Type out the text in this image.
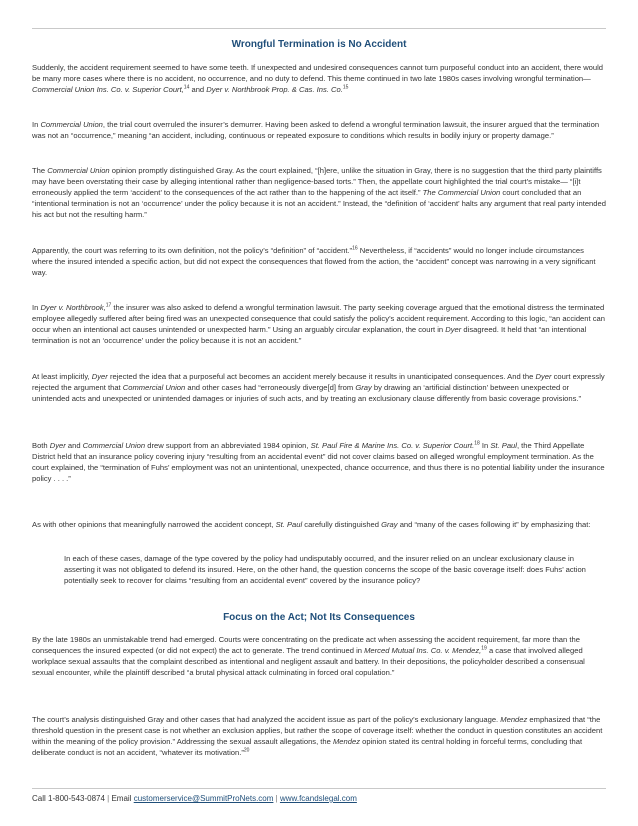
Wrongful Termination is No Accident

Suddenly, the accident requirement seemed to have some teeth. If unexpected and undesired consequences cannot turn purposeful conduct into an accident, there would be many more cases where there is no accident, no occurrence, and no duty to defend. This theme continued in two late 1980s cases involving wrongful termination—Commercial Union Ins. Co. v. Superior Court,$^{14}$ and Dyer v. Northbrook Prop. & Cas. Ins. Co.$^{15}$

In Commercial Union, the trial court overruled the insurer’s demurrer. Having been asked to defend a wrongful termination lawsuit, the insurer argued that the termination was not an “occurrence,” meaning “an accident, including, continuous or repeated exposure to conditions which results in bodily injury or property damage.”

The Commercial Union opinion promptly distinguished Gray. As the court explained, “[h]ere, unlike the situation in Gray, there is no suggestion that the third party plaintiffs may have been overstating their case by alleging intentional rather than negligence-based torts.” Then, the appellate court highlighted the trial court’s mistake— “[i]t erroneously applied the term ‘accident’ to the consequences of the act rather than to the happening of the act itself.” The Commercial Union court concluded that an “intentional termination is not an ‘occurrence’ under the policy because it is not an accident.” Instead, the “definition of ‘accident’ halts any argument that real party intended his act but not the resulting harm.”

Apparently, the court was referring to its own definition, not the policy’s “definition” of “accident.”$^{16}$ Nevertheless, if “accidents” would no longer include circumstances where the insured intended a specific action, but did not expect the consequences that flowed from the action, the “accident” concept was narrowing in a very significant way.

In Dyer v. Northbrook,$^{17}$ the insurer was also asked to defend a wrongful termination lawsuit. The party seeking coverage argued that the emotional distress the terminated employee allegedly suffered after being fired was an unexpected consequence that could satisfy the policy’s accident requirement. According to this logic, “an accident can occur when an intentional act causes unintended or unexpected harm.” Using an arguably circular explanation, the court in Dyer disagreed. It held that “an intentional termination is not an ‘occurrence’ under the policy because it is not an accident.”

At least implicitly, Dyer rejected the idea that a purposeful act becomes an accident merely because it results in unanticipated consequences. And the Dyer court expressly rejected the argument that Commercial Union and other cases had “erroneously diverge[d] from Gray by drawing an ‘artificial distinction’ between unexpected or unintended acts and unexpected or unintended damages or injuries of such acts, and by treating an exclusionary clause differently from basic coverage provisions.”

Both Dyer and Commercial Union drew support from an abbreviated 1984 opinion, St. Paul Fire & Marine Ins. Co. v. Superior Court.$^{18}$ In St. Paul, the Third Appellate District held that an insurance policy covering injury “resulting from an accidental event” did not cover claims based on alleged wrongful employment termination. As the court explained, the “termination of Fuhs’ employment was not an unintentional, unexpected, chance occurrence, and thus there is no potential liability under the insurance policy . . . .”

As with other opinions that meaningfully narrowed the accident concept, St. Paul carefully distinguished Gray and “many of the cases following it” by emphasizing that:

In each of these cases, damage of the type covered by the policy had undisputably occurred, and the insurer relied on an unclear exclusionary clause in asserting it was not obligated to defend its insured. Here, on the other hand, the question concerns the scope of the basic coverage itself: does Fuhs’ action potentially seek to recover for claims “resulting from an accidental event” covered by the insurance policy?

Focus on the Act; Not Its Consequences

By the late 1980s an unmistakable trend had emerged. Courts were concentrating on the predicate act when assessing the accident requirement, far more than the consequences the insured expected (or did not expect) the act to generate. The trend continued in Merced Mutual Ins. Co. v. Mendez,$^{19}$ a case that involved alleged workplace sexual assaults that the complaint described as intentional and negligent assault and battery. In their depositions, the policyholder described a consensual sexual encounter, while the plaintiff described “a brutal physical attack culminating in forced oral copulation.”

The court’s analysis distinguished Gray and other cases that had analyzed the accident issue as part of the policy’s exclusionary language. Mendez emphasized that “the threshold question in the present case is not whether an exclusion applies, but rather the scope of coverage itself: whether the conduct in question constitutes an accident within the meaning of the policy provision.” Addressing the sexual assault allegations, the Mendez opinion stated its central holding in forceful terms, concluding that deliberate conduct is not an accident, “whatever its motivation.”$^{20}$

Call 1-800-543-0874 | Email customerservice@SummitProNets.com | www.fcandslegal.com
